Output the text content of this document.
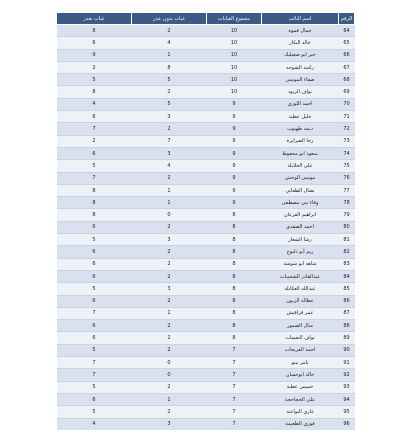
الرقم	اسم النائب	مجموع الغيابات	غياب بدون عذر	غياب بعذر
64	جمال قموه	10	2	8
65	خالد البكار	10	4	6
66	خير ابو صعيليك	10	1	9
67	راشد الشوحة	10	8	2
68	صفاء المومني	10	5	5
69	نواف الزيود	10	2	8
70	احمد اللوزي	9	5	4
71	خليل عطية	9	3	6
72	ديمه طهبوب	9	2	7
73	رجا الصرايرة	9	7	2
74	سعود ابو محفوظ	9	3	6
75	علي الخلايلة	9	4	5
76	موسى الوحش	9	2	7
77	نضال الطعاني	9	1	8
78	وفاء بني مصطفى	9	1	8
79	ابراهيم القرعان	8	0	8
80	احمد الصفدي	8	2	6
81	رشا الشعار	8	3	5
82	ريم أبو دلبوح	8	2	6
83	شاهه ابو شوشة	8	2	6
84	عبدالقادر الشخيبات	8	2	6
85	عبدالله العكايلة	8	3	5
86	عطالة الزبون	8	2	6
87	عمر قراقيش	8	1	7
88	منال الضمور	8	2	6
89	نواف النعيمات	8	2	6
90	احمد الفريحات	7	2	5
91	تامر بينو	7	0	7
92	خالد ابوحسان	7	0	7
93	خميس عطية	7	2	5
94	علي الحجاحجة	7	1	6
95	غازي البواعنة	7	2	5
96	فوزي الطعيمة	7	3	4
